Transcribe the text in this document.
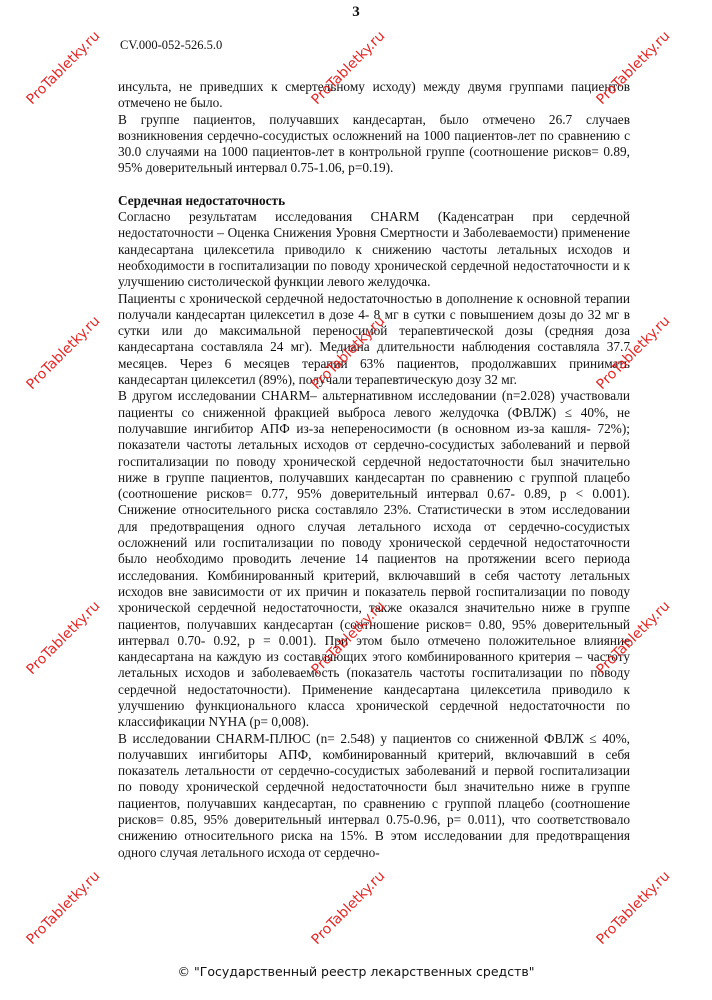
3
CV.000-052-526.5.0

инсульта, не приведших к смертельному исходу) между двумя группами пациентов отмечено не было.

В группе пациентов, получавших кандесартан, было отмечено 26.7 случаев возникновения сердечно-сосудистых осложнений на 1000 пациентов-лет по сравнению с 30.0 случаями на 1000 пациентов-лет в контрольной группе (соотношение рисков= 0.89, 95% доверительный интервал 0.75-1.06, p=0.19).

Сердечная недостаточность

Согласно результатам исследования CHARM (Каденсатран при сердечной недостаточности – Оценка Снижения Уровня Смертности и Заболеваемости) применение кандесартана цилексетила приводило к снижению частоты летальных исходов и необходимости в госпитализации по поводу хронической сердечной недостаточности и к улучшению систолической функции левого желудочка.

Пациенты с хронической сердечной недостаточностью в дополнение к основной терапии получали кандесартан цилексетил в дозе 4- 8 мг в сутки с повышением дозы до 32 мг в сутки или до максимальной переносимой терапевтической дозы (средняя доза кандесартана составляла 24 мг). Медиана длительности наблюдения составляла 37.7 месяцев. Через 6 месяцев терапии 63% пациентов, продолжавших принимать кандесартан цилексетил (89%), получали терапевтическую дозу 32 мг.

В другом исследовании CHARM– альтернативном исследовании (n=2.028) участвовали пациенты со сниженной фракцией выброса левого желудочка (ФВЛЖ) ≤ 40%, не получавшие ингибитор АПФ из-за непереносимости (в основном из-за кашля- 72%); показатели частоты летальных исходов от сердечно-сосудистых заболеваний и первой госпитализации по поводу хронической сердечной недостаточности был значительно ниже в группе пациентов, получавших кандесартан по сравнению с группой плацебо (соотношение рисков= 0.77, 95% доверительный интервал 0.67- 0.89, p < 0.001). Снижение относительного риска составляло 23%. Статистически в этом исследовании для предотвращения одного случая летального исхода от сердечно-сосудистых осложнений или госпитализации по поводу хронической сердечной недостаточности было необходимо проводить лечение 14 пациентов на протяжении всего периода исследования. Комбинированный критерий, включавший в себя частоту летальных исходов вне зависимости от их причин и показатель первой госпитализации по поводу хронической сердечной недостаточности, также оказался значительно ниже в группе пациентов, получавших кандесартан (соотношение рисков= 0.80, 95% доверительный интервал 0.70- 0.92, p = 0.001). При этом было отмечено положительное влияние кандесартана на каждую из составляющих этого комбинированного критерия – частоту летальных исходов и заболеваемость (показатель частоты госпитализации по поводу сердечной недостаточности). Применение кандесартана цилексетила приводило к улучшению функционального класса хронической сердечной недостаточности по классификации NYHA (p= 0,008).

В исследовании CHARM-ПЛЮС (n= 2.548) у пациентов со сниженной ФВЛЖ ≤ 40%, получавших ингибиторы АПФ, комбинированный критерий, включавший в себя показатель летальности от сердечно-сосудистых заболеваний и первой госпитализации по поводу хронической сердечной недостаточности был значительно ниже в группе пациентов, получавших кандесартан, по сравнению с группой плацебо (соотношение рисков= 0.85, 95% доверительный интервал 0.75-0.96, p= 0.011), что соответствовало снижению относительного риска на 15%. В этом исследовании для предотвращения одного случая летального исхода от сердечно-

© "Государственный реестр лекарственных средств"
ProTabletky.ru	ProTabletky.ru	ProTabletky.ru
ProTabletky.ru	ProTabletky.ru	ProTabletky.ru
ProTabletky.ru	ProTabletky.ru	ProTabletky.ru
ProTabletky.ru	ProTabletky.ru	ProTabletky.ru
